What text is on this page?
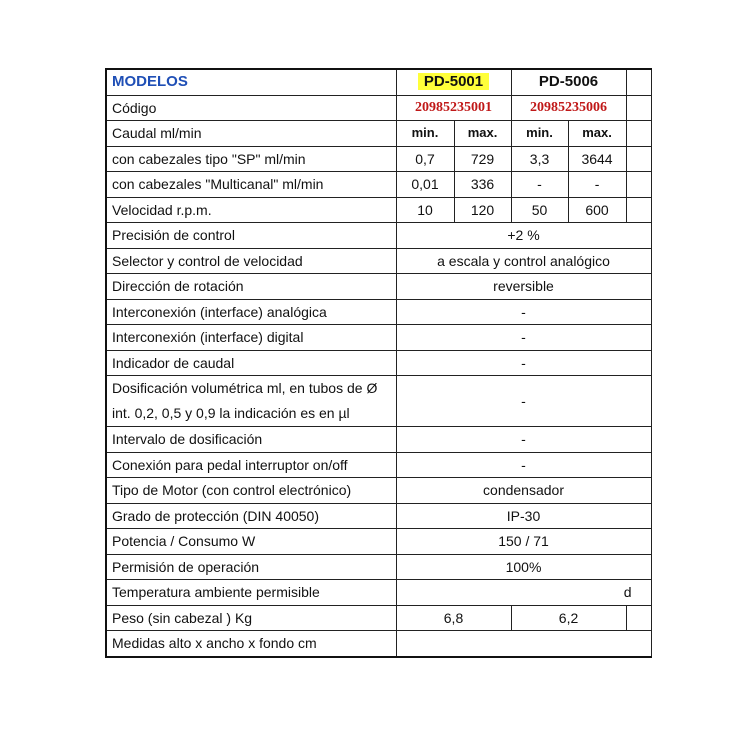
MODELOS	PD-5001		PD-5006		
Código	20985235001		20985235006		
Caudal ml/min	min.	max.	min.	max.	
con cabezales tipo "SP" ml/min	0,7	729	3,3	3644	
con cabezales "Multicanal" ml/min	0,01	336	-	-	
Velocidad r.p.m.	10	120	50	600	
Precisión de control	+2 %				
Selector y control de velocidad	a escala y control analógico				
Dirección de rotación	reversible				
Interconexión (interface) analógica	-				
Interconexión (interface) digital	-				
Indicador de caudal	-				
Dosificación volumétrica ml, en tubos de Ø int. 0,2, 0,5 y 0,9 la indicación es en µl	-				
Intervalo de dosificación	-				
Conexión para pedal interruptor on/off	-				
Tipo de Motor (con control electrónico)	condensador				
Grado de protección (DIN 40050)	IP-30				
Potencia / Consumo W	150 / 71				
Permisión de operación	100%				
Temperatura ambiente permisible	d				
Peso (sin cabezal ) Kg	6,8		6,2		
Medidas alto x ancho x fondo cm					
